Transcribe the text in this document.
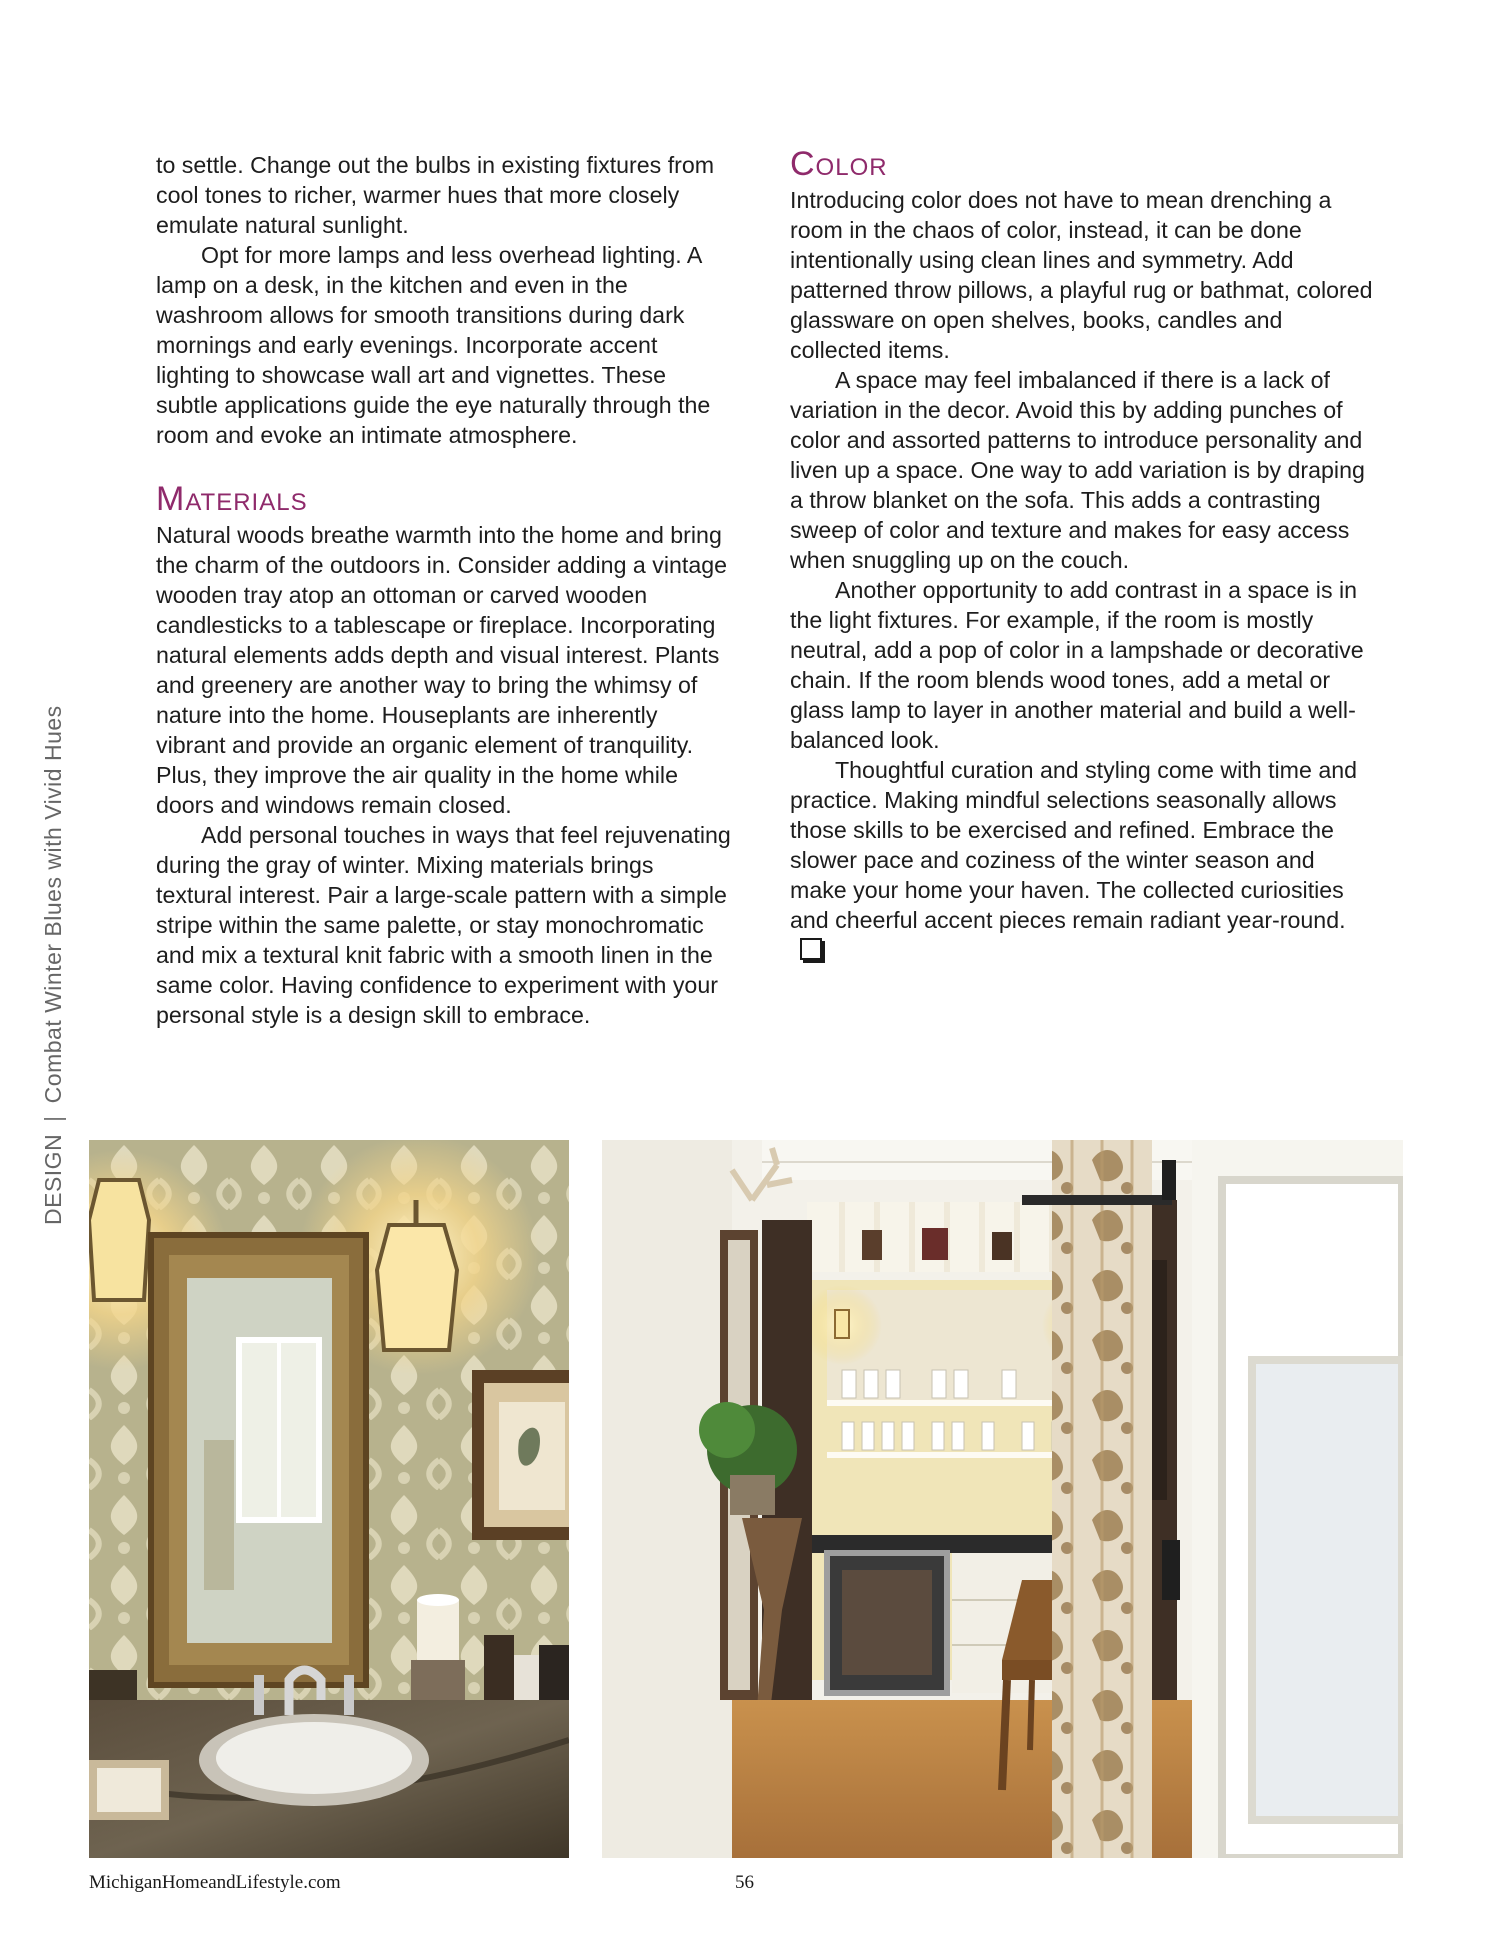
DESIGN
|
Combat Winter Blues with Vivid Hues

to settle. Change out the bulbs in existing fixtures from cool tones to richer, warmer hues that more closely emulate natural sunlight.

Opt for more lamps and less overhead lighting. A lamp on a desk, in the kitchen and even in the washroom allows for smooth transitions during dark mornings and early evenings. Incorporate accent lighting to showcase wall art and vignettes. These subtle applications guide the eye naturally through the room and evoke an intimate atmosphere.

Materials

Natural woods breathe warmth into the home and bring the charm of the outdoors in. Consider adding a vintage wooden tray atop an ottoman or carved wooden candlesticks to a tablescape or fireplace. Incorporating natural elements adds depth and visual interest. Plants and greenery are another way to bring the whimsy of nature into the home. Houseplants are inherently vibrant and provide an organic element of tranquility. Plus, they improve the air quality in the home while doors and windows remain closed.

Add personal touches in ways that feel rejuvenating during the gray of winter. Mixing materials brings textural interest. Pair a large-scale pattern with a simple stripe within the same palette, or stay monochromatic and mix a textural knit fabric with a smooth linen in the same color. Having confidence to experiment with your personal style is a design skill to embrace.

Color

Introducing color does not have to mean drenching a room in the chaos of color, instead, it can be done intentionally using clean lines and symmetry. Add patterned throw pillows, a playful rug or bathmat, colored glassware on open shelves, books, candles and collected items.

A space may feel imbalanced if there is a lack of variation in the decor. Avoid this by adding punches of color and assorted patterns to introduce personality and liven up a space. One way to add variation is by draping a throw blanket on the sofa. This adds a contrasting sweep of color and texture and makes for easy access when snuggling up on the couch.

Another opportunity to add contrast in a space is in the light fixtures. For example, if the room is mostly neutral, add a pop of color in a lampshade or decorative chain. If the room blends wood tones, add a metal or glass lamp to layer in another material and build a well-balanced look.

Thoughtful curation and styling come with time and practice. Making mindful selections seasonally allows those skills to be exercised and refined. Embrace the slower pace and coziness of the winter season and make your home your haven. The collected curiosities and cheerful accent pieces remain radiant year-round.

MichiganHomeandLifestyle.com	56
